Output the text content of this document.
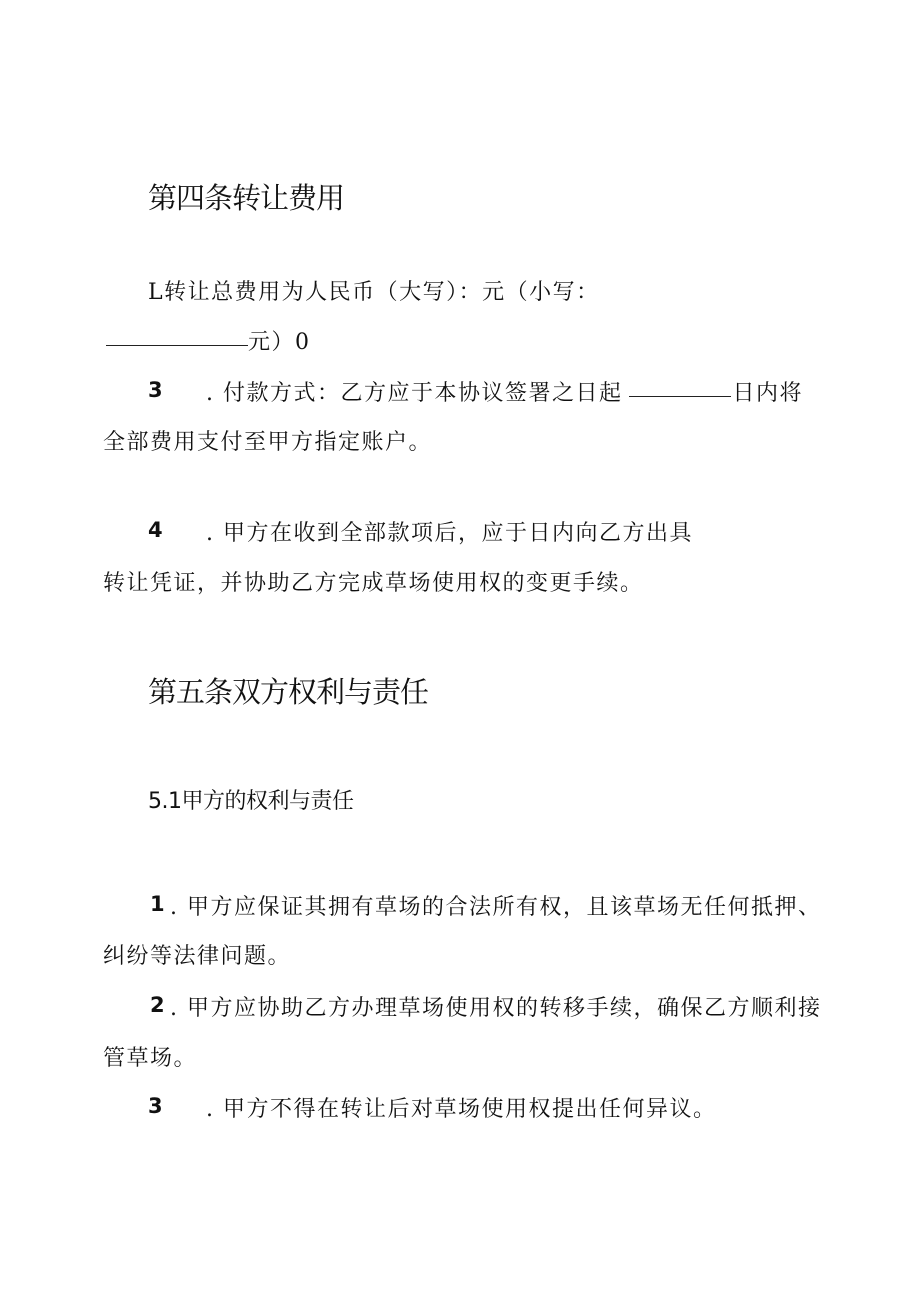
第四条转让费用
L转让总费用为人民币（大写）：元（小写：
元）0
3 . 付款方式：乙方应于本协议签署之日起	日内将
全部费用支付至甲方指定账户。
4 . 甲方在收到全部款项后，应于日内向乙方出具
转让凭证，并协助乙方完成草场使用权的变更手续。
第五条双方权利与责任
5.1甲方的权利与责任
1 . 甲方应保证其拥有草场的合法所有权，且该草场无任何抵押、
纠纷等法律问题。
2 . 甲方应协助乙方办理草场使用权的转移手续，确保乙方顺利接
管草场。
3 . 甲方不得在转让后对草场使用权提出任何异议。
